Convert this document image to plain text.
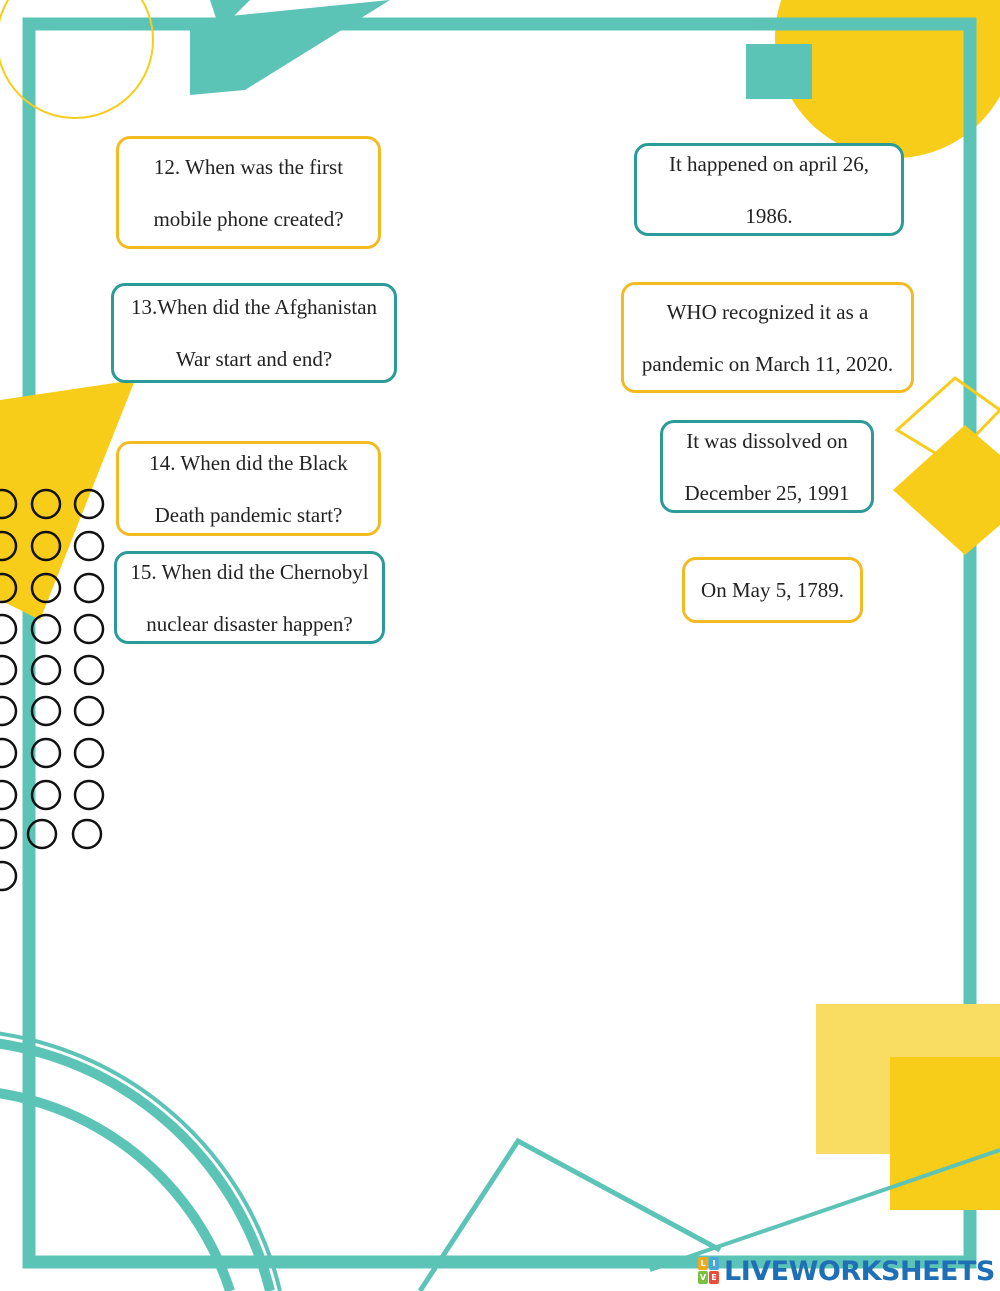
12. When was the first
mobile phone created?
13.When did the Afghanistan
War start and end?
14. When did the Black
Death pandemic start?
15. When did the Chernobyl
nuclear disaster happen?
It happened on april 26,
1986.
WHO recognized it as a
pandemic on March 11, 2020.
It was dissolved on
December 25, 1991
On May 5, 1789.
L I
V E LIVEWORKSHEETS
